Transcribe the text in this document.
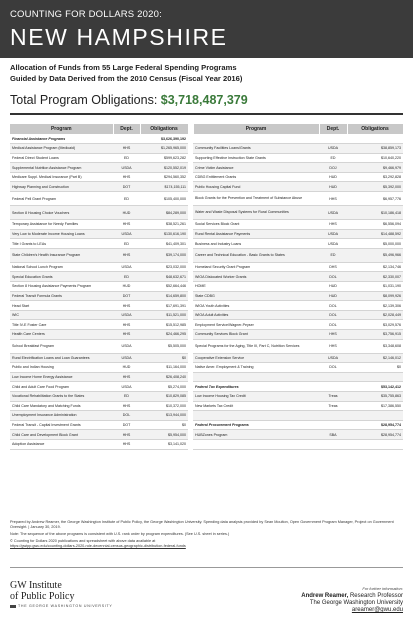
COUNTING FOR DOLLARS 2020:
NEW HAMPSHIRE
Allocation of Funds from 55 Large Federal Spending Programs
Guided by Data Derived from the 2010 Census (Fiscal Year 2016)
Total Program Obligations: $3,718,487,379
Program	Dept.	Obligations		Program	Dept.	Obligations
Financial Assistance Programs		$3,626,390,192				
Medical Assistance Program (Medicaid)	HHS	$1,265,965,000		Community Facilities Loans/Grants	USDA	$38,859,173
Federal Direct Student Loans	ED	$599,623,282		Supporting Effective Instruction State Grants	ED	$10,640,220
Supplemental Nutrition Assistance Program	USDA	$120,552,019		Crime Victim Assistance	DOJ	$9,466,979
Medicare Suppl. Medical Insurance (Part B)	HHS	$294,560,352		CDBG Entitlement Grants	HUD	$3,292,828
Highway Planning and Construction	DOT	$174,155,111		Public Housing Capital Fund	HUD	$5,392,000
Federal Pell Grant Program	ED	$105,400,000		Block Grants for the Prevention and Treatment of Substance Abuse	HHS	$6,957,776
Section 8 Housing Choice Vouchers	HUD	$84,289,000		Water and Waste Disposal Systems for Rural Communities	USDA	$10,186,418
Temporary Assistance for Needy Families	HHS	$38,521,261		Social Services Block Grant	HHS	$6,556,094
Very Low to Moderate Income Housing Loans	USDA	$130,616,190		Rural Rental Assistance Payments	USDA	$14,488,592
Title I Grants to LEAs	ED	$41,409,301		Business and Industry Loans	USDA	$5,000,000
State Children's Health Insurance Program	HHS	$39,174,000		Career and Technical Education - Basic Grants to States	ED	$5,496,966
National School Lunch Program	USDA	$23,032,000		Homeland Security Grant Program	DHS	$2,134,746
Special Education Grants	ED	$48,632,671		WIOA Dislocated Worker Grants	DOL	$2,330,007
Section 8 Housing Assistance Payments Program	HUD	$52,664,446		HOME	HUD	$1,031,190
Federal Transit Formula Grants	DOT	$14,659,800		State CDBG	HUD	$8,099,926
Head Start	HHS	$17,691,391		WIOA Youth Activities	DOL	$2,139,306
WIC	USDA	$11,521,000		WIOA Adult Activities	DOL	$2,028,449
Title IV-E Foster Care	HHS	$15,512,985		Employment Service/Wagner-Peyser	DOL	$3,029,576
Health Care Centers	HHS	$24,466,295		Community Services Block Grant	HHS	$3,756,915
School Breakfast Program	USDA	$5,505,000		Special Programs for the Aging, Title III, Part C, Nutrition Services	HHS	$3,348,608
Rural Electrification Loans and Loan Guarantees	USDA	$0		Cooperative Extension Service	USDA	$2,146,012
Public and Indian Housing	HUD	$11,164,000		Native Amer. Employment & Training	DOL	$0
Low Income Home Energy Assistance	HHS	$26,408,240				
Child and Adult Care Food Program	USDA	$5,274,000		Federal Tax Expenditures		$53,142,412
Vocational Rehabilitation Grants to the States	ED	$10,829,085		Low Income Housing Tax Credit	Treas	$35,755,863
Child Care Mandatory and Matching Funds	HHS	$10,372,000		New Markets Tax Credit	Treas	$17,386,550
Unemployment Insurance Administration	DOL	$13,944,000				
Federal Transit - Capital Investment Grants	DOT	$0		Federal Procurement Programs		$28,954,774
Child Care and Development Block Grant	HHS	$5,954,000		HUBZones Program	SBA	$28,954,774
Adoption Assistance	HHS	$3,141,020				

Prepared by Andrew Reamer, the George Washington Institute of Public Policy, the George Washington University. Spending data analysis provided by Sean Moulton, Open Government Program Manager, Project on Government Oversight. | January 30, 2019.

Note: The sequence of the above programs is consistent with U.S. rank order by program expenditures. (See U.S. sheet in series.)

© Counting for Dollars 2020 publications and spreadsheet with above data available at
https://gwipp.gwu.edu/counting-dollars-2020-role-decennial-census-geographic-distribution-federal-funds

GW Institute
of Public Policy
THE GEORGE WASHINGTON UNIVERSITY
For further information:
Andrew Reamer, Research Professor
The George Washington University
areamer@gwu.edu
